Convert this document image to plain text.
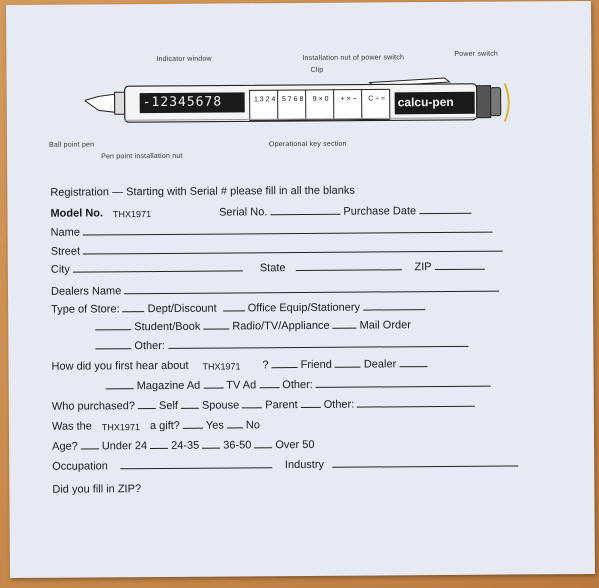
Indicator window	Installation nut of power switch
Clip
Power switch
Ball point pen
Pen point installation nut
Operational key section
-12345678	calcu-pen
1 3 2 4 5 7 6 8	9 × 0	+ × −	C ÷ =
Registration — Starting with Serial # please fill in all the blanks
Model No. THX1971	Serial No.	Purchase Date
Name
Street
City	State	ZIP
Dealers Name
Type of Store:	Dept/Discount	Office Equip/Stationery
Student/Book	Radio/TV/Appliance	Mail Order
Other:
How did you first hear about THX1971 ?	Friend	Dealer
Magazine Ad TV Ad Other:
Who purchased? Self Spouse Parent Other:
Was the THX1971 a gift? Yes No
Age? Under 24 24-35 36-50 Over 50
Occupation	Industry
Did you fill in ZIP?
